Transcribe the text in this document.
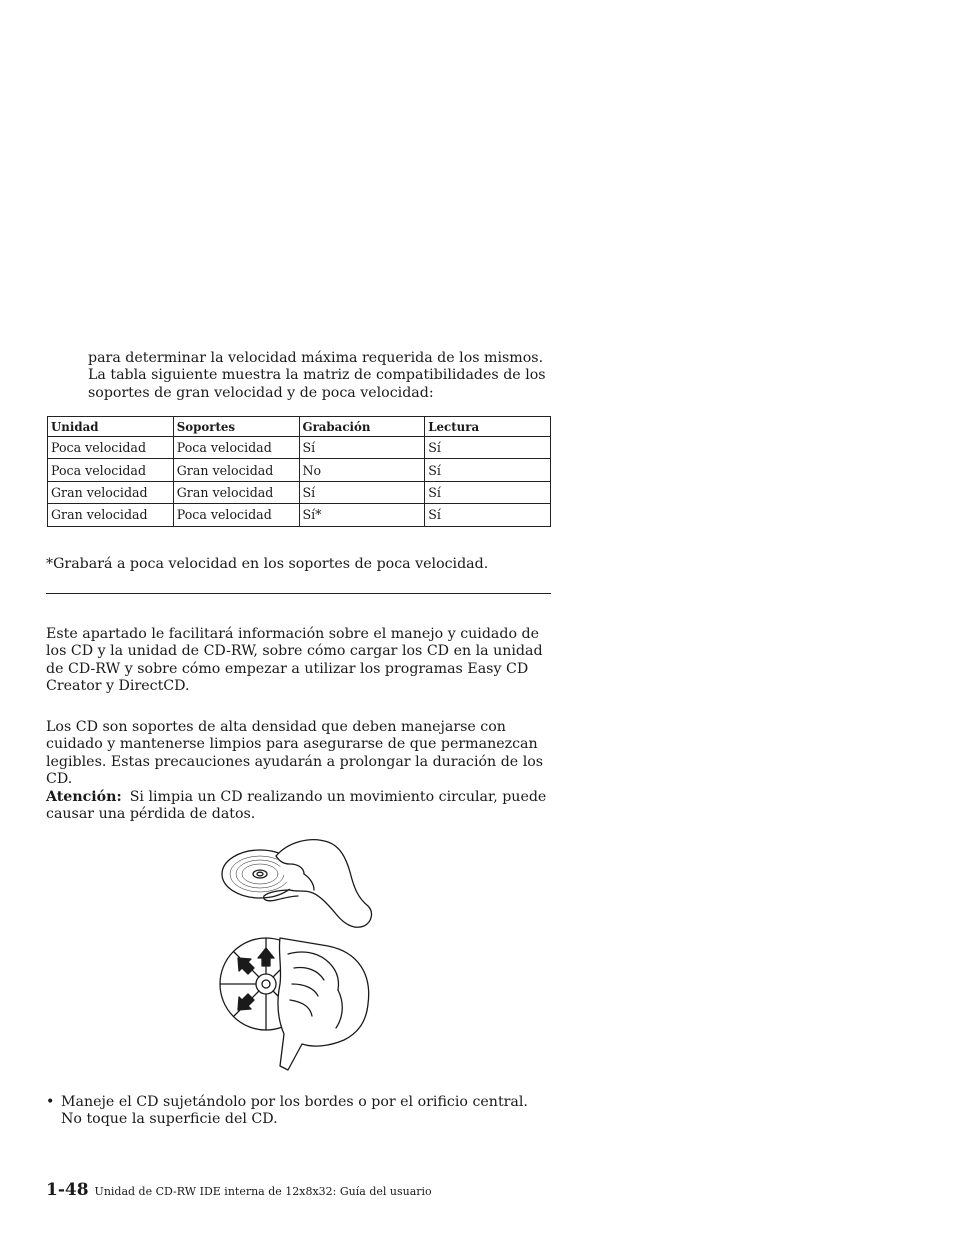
para determinar la velocidad máxima requerida de los mismos. La tabla siguiente muestra la matriz de compatibilidades de los soportes de gran velocidad y de poca velocidad:

Unidad	Soportes	Grabación	Lectura
Poca velocidad	Poca velocidad	Sí	Sí
Poca velocidad	Gran velocidad	No	Sí
Gran velocidad	Gran velocidad	Sí	Sí
Gran velocidad	Poca velocidad	Sí*	Sí

*Grabará a poca velocidad en los soportes de poca velocidad.

Este apartado le facilitará información sobre el manejo y cuidado de los CD y la unidad de CD-RW, sobre cómo cargar los CD en la unidad de CD-RW y sobre cómo empezar a utilizar los programas Easy CD Creator y DirectCD.

Los CD son soportes de alta densidad que deben manejarse con cuidado y mantenerse limpios para asegurarse de que permanezcan legibles. Estas precauciones ayudarán a prolongar la duración de los CD.

Atención: Si limpia un CD realizando un movimiento circular, puede causar una pérdida de datos.

• Maneje el CD sujetándolo por los bordes o por el orificio central. No toque la superficie del CD.
1-48 Unidad de CD-RW IDE interna de 12x8x32: Guía del usuario
